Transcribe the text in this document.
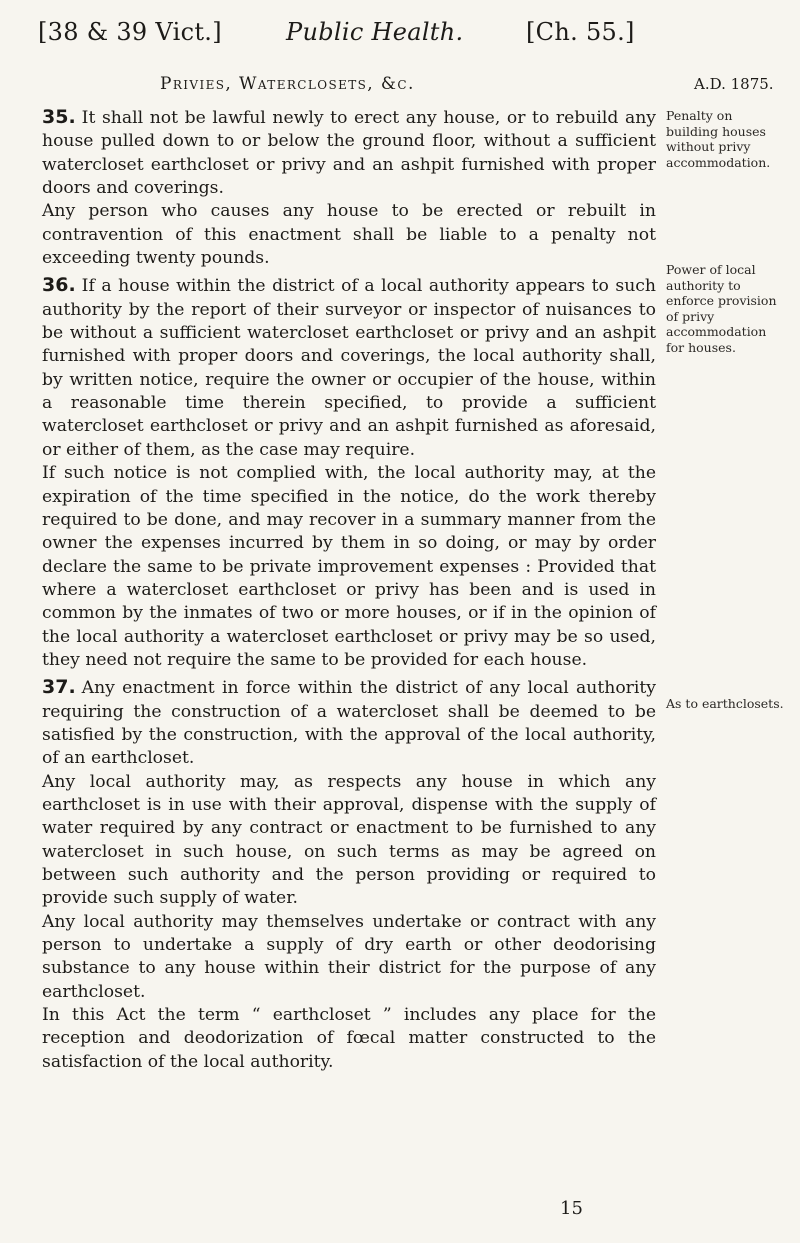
[38 & 39 Vict.]	Public Health.	[Ch. 55.]
Privies, Waterclosets, &c.	A.D. 1875.

35. It shall not be lawful newly to erect any house, or to rebuild any house pulled down to or below the ground floor, without a sufficient watercloset earthcloset or privy and an ashpit furnished with proper doors and coverings.

Any person who causes any house to be erected or rebuilt in contravention of this enactment shall be liable to a penalty not exceeding twenty pounds.

36. If a house within the district of a local authority appears to such authority by the report of their surveyor or inspector of nuisances to be without a sufficient watercloset earthcloset or privy and an ashpit furnished with proper doors and coverings, the local authority shall, by written notice, require the owner or occupier of the house, within a reasonable time therein specified, to provide a sufficient watercloset earthcloset or privy and an ashpit furnished as aforesaid, or either of them, as the case may require.

If such notice is not complied with, the local authority may, at the expiration of the time specified in the notice, do the work thereby required to be done, and may recover in a summary manner from the owner the expenses incurred by them in so doing, or may by order declare the same to be private improvement expenses : Provided that where a watercloset earthcloset or privy has been and is used in common by the inmates of two or more houses, or if in the opinion of the local authority a watercloset earthcloset or privy may be so used, they need not require the same to be provided for each house.

37. Any enactment in force within the district of any local authority requiring the construction of a watercloset shall be deemed to be satisfied by the construction, with the approval of the local authority, of an earthcloset.

Any local authority may, as respects any house in which any earthcloset is in use with their approval, dispense with the supply of water required by any contract or enactment to be furnished to any watercloset in such house, on such terms as may be agreed on between such authority and the person providing or required to provide such supply of water.

Any local authority may themselves undertake or contract with any person to undertake a supply of dry earth or other deodorising substance to any house within their district for the purpose of any earthcloset.

In this Act the term “ earthcloset ” includes any place for the reception and deodorization of fœcal matter constructed to the satisfaction of the local authority.

Penalty on building houses without privy accommodation.
Power of local authority to enforce provision of privy accommodation for houses.
As to earthclosets.
15
